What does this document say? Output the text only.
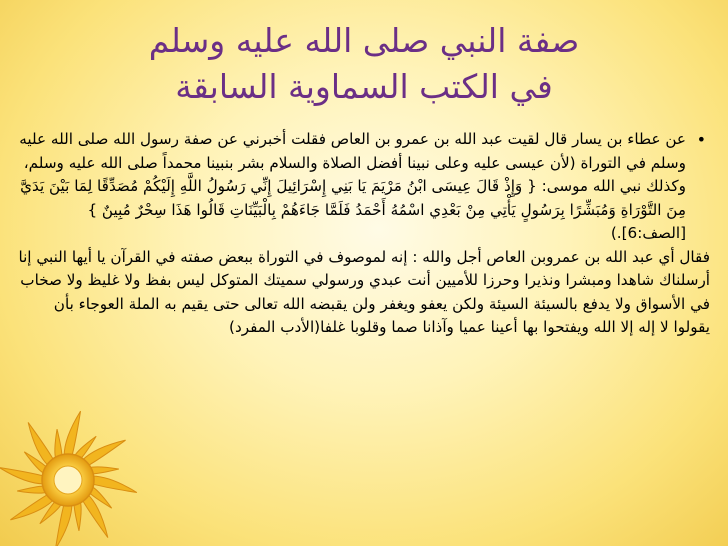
صفة النبي صلى الله عليه وسلم
في الكتب السماوية السابقة

•
عن عطاء بن يسار قال لقيت عبد الله بن عمرو بن العاص فقلت أخبرني عن صفة رسول الله صلى الله عليه وسلم في التوراة (لأن عيسى عليه وعلى نبينا أفضل الصلاة والسلام بشر بنبينا محمداً صلى الله عليه وسلم، وكذلك نبي الله موسى: { وَإِذْ قَالَ عِيسَى ابْنُ مَرْيَمَ يَا بَنِي إِسْرَائِيلَ إِنِّي رَسُولُ اللَّهِ إِلَيْكُمْ مُصَدِّقًا لِمَا بَيْنَ يَدَيَّ مِنَ التَّوْرَاةِ وَمُبَشِّرًا بِرَسُولٍ يَأْتِي مِنْ بَعْدِي اسْمُهُ أَحْمَدُ فَلَمَّا جَاءَهُمْ بِالْبَيِّنَاتِ قَالُوا هَذَا سِحْرٌ مُبِينٌ } [الصف:6].)

فقال أي عبد الله بن عمروبن العاص أجل والله : إنه لموصوف في التوراة ببعض صفته في القرآن يا أيها النبي إنا أرسلناك شاهدا ومبشرا ونذيرا وحرزا للأميين أنت عبدي ورسولي سميتك المتوكل ليس بفظ ولا غليظ ولا صخاب في الأسواق ولا يدفع بالسيئة السيئة ولكن يعفو ويغفر ولن يقبضه الله تعالى حتى يقيم به الملة العوجاء بأن يقولوا لا إله إلا الله ويفتحوا بها أعينا عميا وآذانا صما وقلوبا غلفا(الأدب المفرد)
